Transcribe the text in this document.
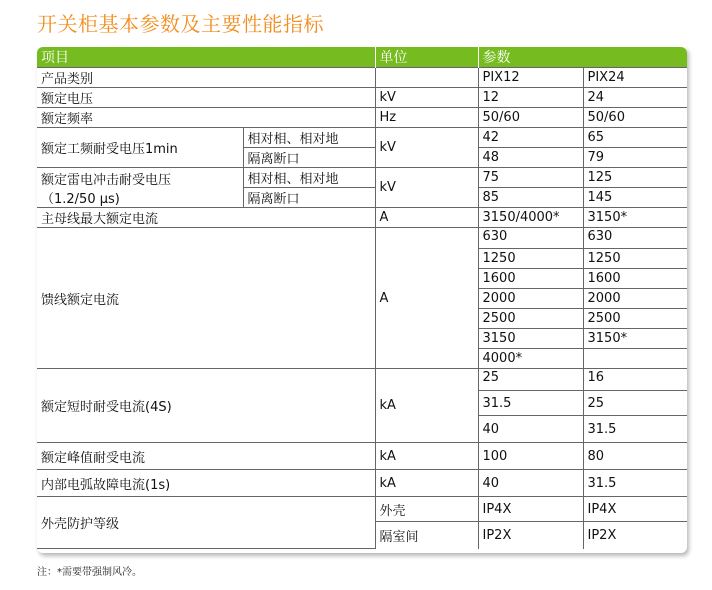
开关柜基本参数及主要性能指标
项目		单位	参数	
产品类别			PIX12	PIX24
额定电压		kV	12	24
额定频率		Hz	50/60	50/60
额定工频耐受电压1min	相对相、相对地	kV	42	65
	隔离断口		48	79

额定雷电冲击耐受电压
（1.2/50 µs)	相对相、相对地	kV	75	125
	隔离断口		85	145
主母线最大额定电流		A	3150/4000*	3150*
馈线额定电流		A	630	630
			1250	1250
			1600	1600
			2000	2000
			2500	2500
			3150	3150*
			4000*	
额定短时耐受电流(4S)		kA	25	16
			31.5	25
			40	31.5
额定峰值耐受电流		kA	100	80
内部电弧故障电流(1s)		kA	40	31.5
外壳防护等级		外壳	IP4X	IP4X
		隔室间	IP2X	IP2X
注：*需要带强制风冷。
